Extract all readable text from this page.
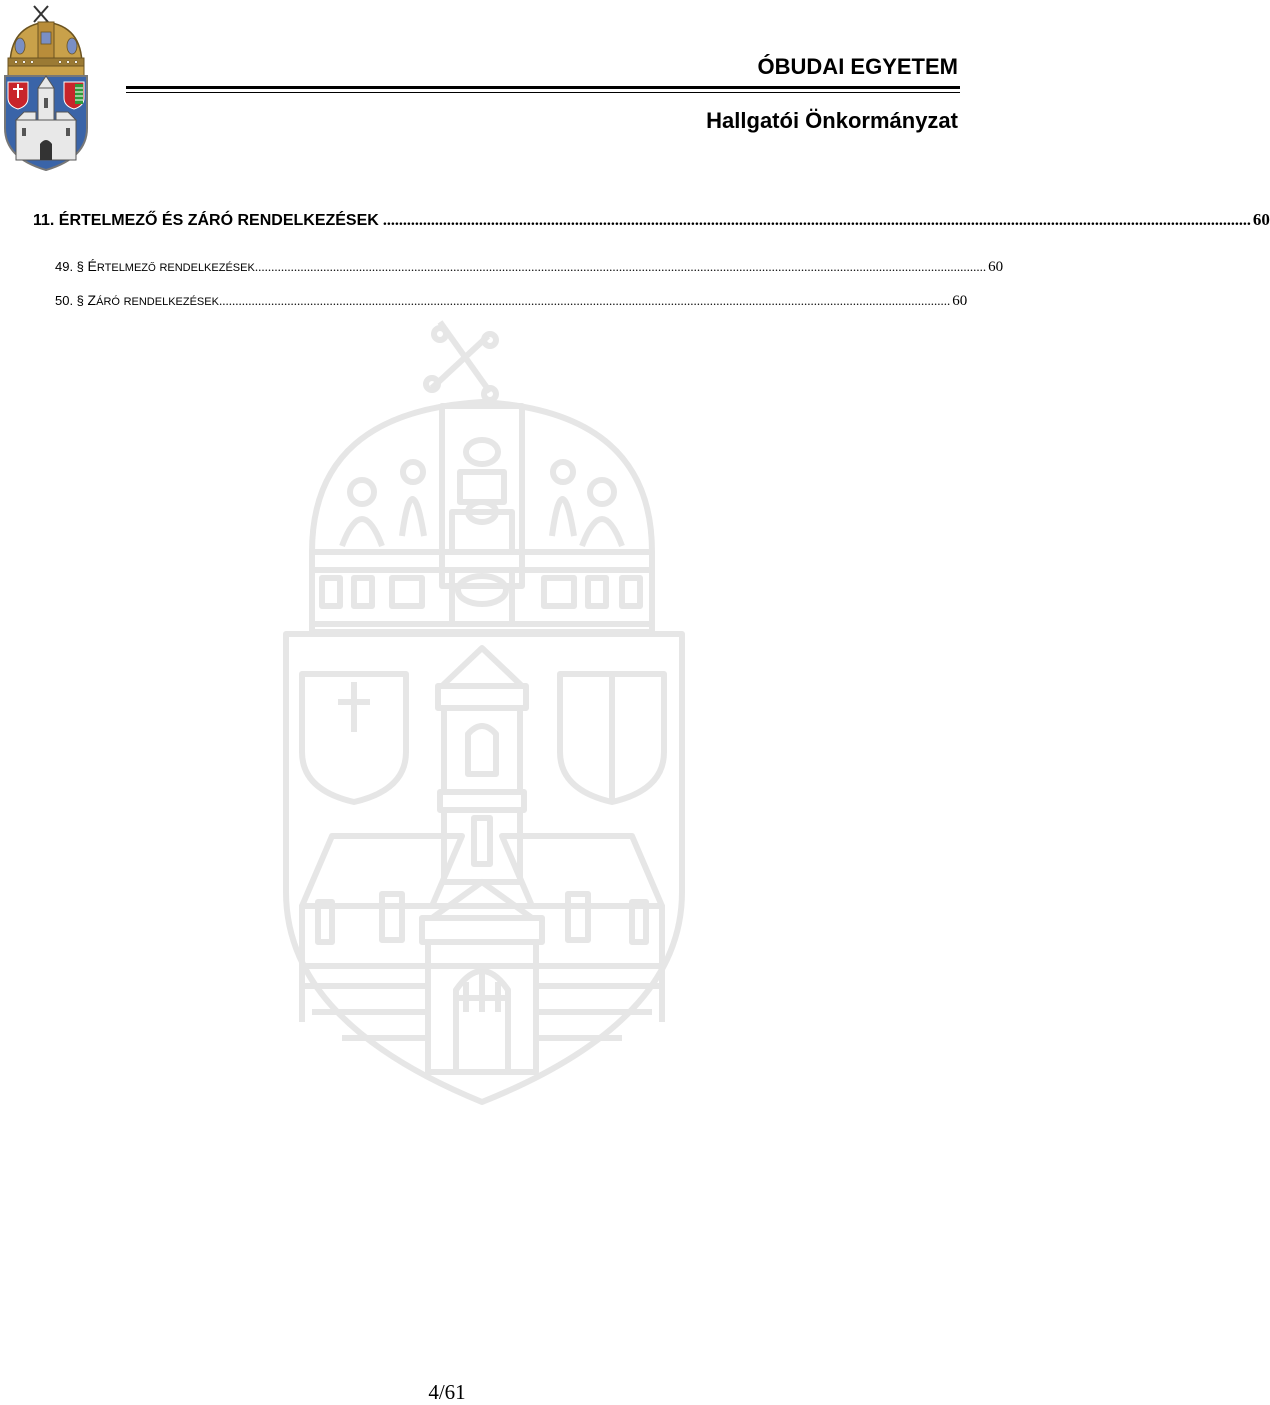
ÓBUDAI EGYETEM
Hallgatói Önkormányzat
11. ÉRTELMEZŐ ÉS ZÁRÓ RENDELKEZÉSEK ......................................................................................................................................................................................................................... 60
49. § ÉRTELMEZŐ RENDELKEZÉSEK ................................................................................................................................................................................................................................. 60
50. § ZÁRÓ RENDELKEZÉSEK ................................................................................................................................................................................................................................. 60
4/61
